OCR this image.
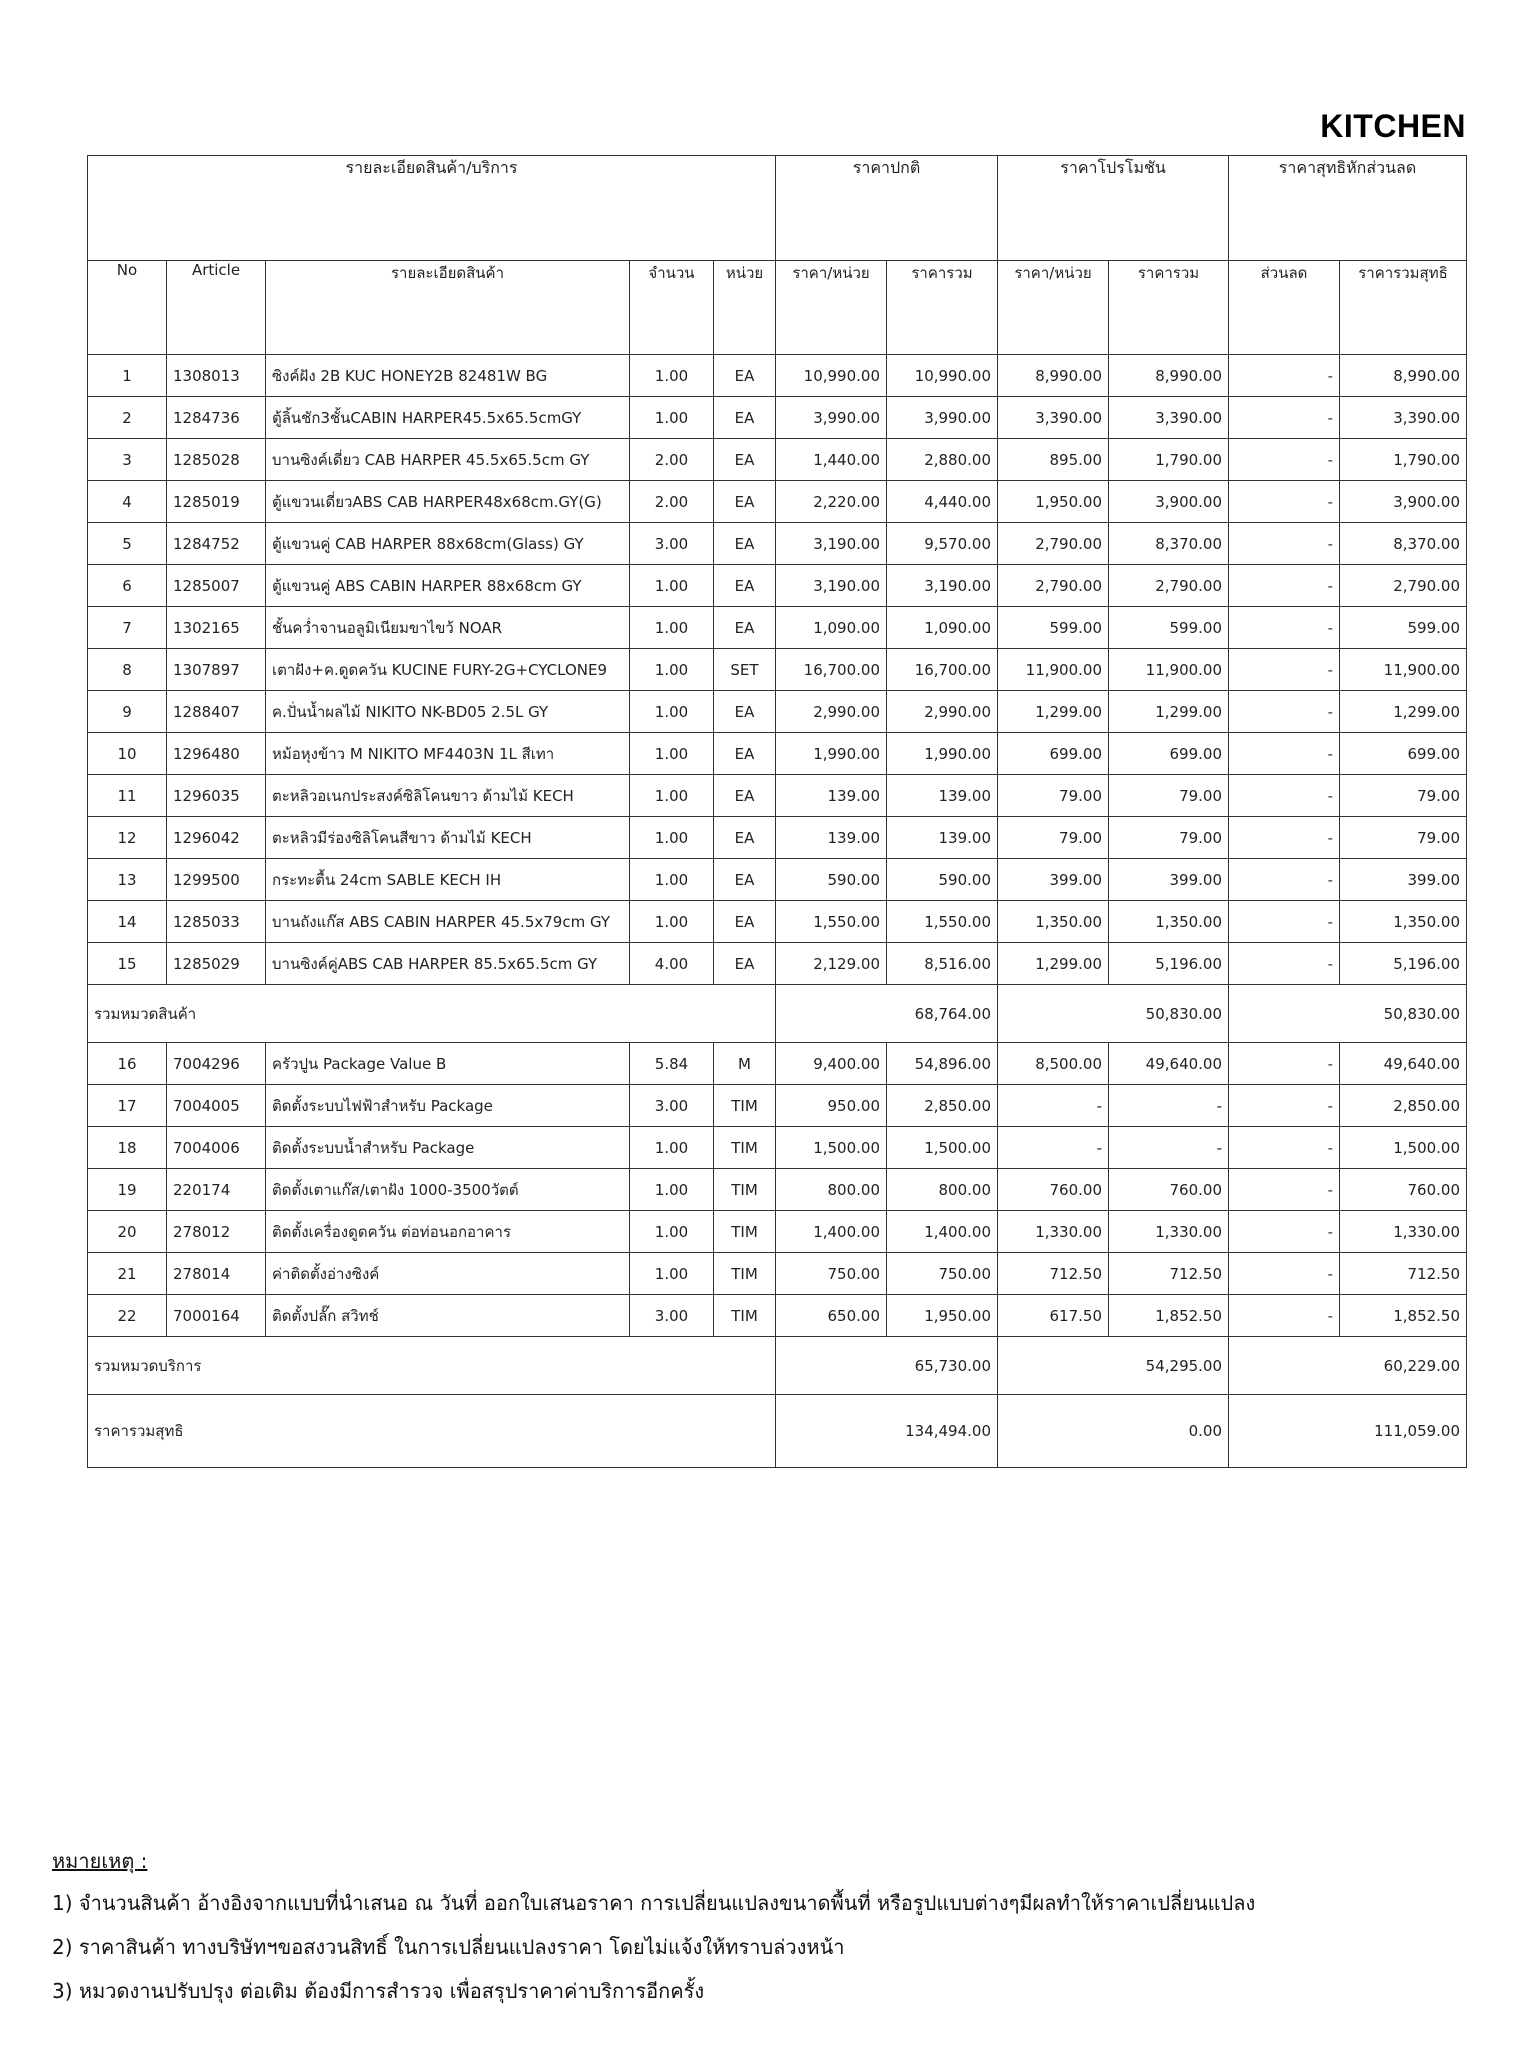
KITCHEN
รายละเอียดสินค้า/บริการ					ราคาปกติ		ราคาโปรโมชัน		ราคาสุทธิหักส่วนลด	
No	Article	รายละเอียดสินค้า	จำนวน	หน่วย	ราคา/หน่วย	ราคารวม	ราคา/หน่วย	ราคารวม	ส่วนลด	ราคารวมสุทธิ
1	1308013	ซิงค์ฝัง 2B KUC HONEY2B 82481W BG	1.00	EA	10,990.00	10,990.00	8,990.00	8,990.00	-	8,990.00
2	1284736	ตู้ลิ้นชัก3ชั้นCABIN HARPER45.5x65.5cmGY	1.00	EA	3,990.00	3,990.00	3,390.00	3,390.00	-	3,390.00
3	1285028	บานซิงค์เดี่ยว CAB HARPER 45.5x65.5cm GY	2.00	EA	1,440.00	2,880.00	895.00	1,790.00	-	1,790.00
4	1285019	ตู้แขวนเดี่ยวABS CAB HARPER48x68cm.GY(G)	2.00	EA	2,220.00	4,440.00	1,950.00	3,900.00	-	3,900.00
5	1284752	ตู้แขวนคู่ CAB HARPER 88x68cm(Glass) GY	3.00	EA	3,190.00	9,570.00	2,790.00	8,370.00	-	8,370.00
6	1285007	ตู้แขวนคู่ ABS CABIN HARPER 88x68cm GY	1.00	EA	3,190.00	3,190.00	2,790.00	2,790.00	-	2,790.00
7	1302165	ชั้นคว่ำจานอลูมิเนียมขาไขว้ NOAR	1.00	EA	1,090.00	1,090.00	599.00	599.00	-	599.00
8	1307897	เตาฝัง+ค.ดูดควัน KUCINE FURY-2G+CYCLONE9	1.00	SET	16,700.00	16,700.00	11,900.00	11,900.00	-	11,900.00
9	1288407	ค.ปั่นน้ำผลไม้ NIKITO NK-BD05 2.5L GY	1.00	EA	2,990.00	2,990.00	1,299.00	1,299.00	-	1,299.00
10	1296480	หม้อหุงข้าว M NIKITO MF4403N 1L สีเทา	1.00	EA	1,990.00	1,990.00	699.00	699.00	-	699.00
11	1296035	ตะหลิวอเนกประสงค์ซิลิโคนขาว ด้ามไม้ KECH	1.00	EA	139.00	139.00	79.00	79.00	-	79.00
12	1296042	ตะหลิวมีร่องซิลิโคนสีขาว ด้ามไม้ KECH	1.00	EA	139.00	139.00	79.00	79.00	-	79.00
13	1299500	กระทะตื้น 24cm SABLE KECH IH	1.00	EA	590.00	590.00	399.00	399.00	-	399.00
14	1285033	บานถังแก๊ส ABS CABIN HARPER 45.5x79cm GY	1.00	EA	1,550.00	1,550.00	1,350.00	1,350.00	-	1,350.00
15	1285029	บานซิงค์คู่ABS CAB HARPER 85.5x65.5cm GY	4.00	EA	2,129.00	8,516.00	1,299.00	5,196.00	-	5,196.00
รวมหมวดสินค้า					68,764.00		50,830.00		50,830.00	
16	7004296	ครัวปูน Package Value B	5.84	M	9,400.00	54,896.00	8,500.00	49,640.00	-	49,640.00
17	7004005	ติดตั้งระบบไฟฟ้าสำหรับ Package	3.00	TIM	950.00	2,850.00	-	-	-	2,850.00
18	7004006	ติดตั้งระบบน้ำสำหรับ Package	1.00	TIM	1,500.00	1,500.00	-	-	-	1,500.00
19	220174	ติดตั้งเตาแก๊ส/เตาฝัง 1000-3500วัตต์	1.00	TIM	800.00	800.00	760.00	760.00	-	760.00
20	278012	ติดตั้งเครื่องดูดควัน ต่อท่อนอกอาคาร	1.00	TIM	1,400.00	1,400.00	1,330.00	1,330.00	-	1,330.00
21	278014	ค่าติดตั้งอ่างซิงค์	1.00	TIM	750.00	750.00	712.50	712.50	-	712.50
22	7000164	ติดตั้งปลั๊ก สวิทช์	3.00	TIM	650.00	1,950.00	617.50	1,852.50	-	1,852.50
รวมหมวดบริการ					65,730.00		54,295.00		60,229.00	
ราคารวมสุทธิ					134,494.00		0.00		111,059.00	
หมายเหตุ :
1) จำนวนสินค้า อ้างอิงจากแบบที่นำเสนอ ณ วันที่ ออกใบเสนอราคา การเปลี่ยนแปลงขนาดพื้นที่ หรือรูปแบบต่างๆมีผลทำให้ราคาเปลี่ยนแปลง
2) ราคาสินค้า ทางบริษัทฯขอสงวนสิทธิ์ ในการเปลี่ยนแปลงราคา โดยไม่แจ้งให้ทราบล่วงหน้า
3) หมวดงานปรับปรุง ต่อเติม ต้องมีการสำรวจ เพื่อสรุปราคาค่าบริการอีกครั้ง
